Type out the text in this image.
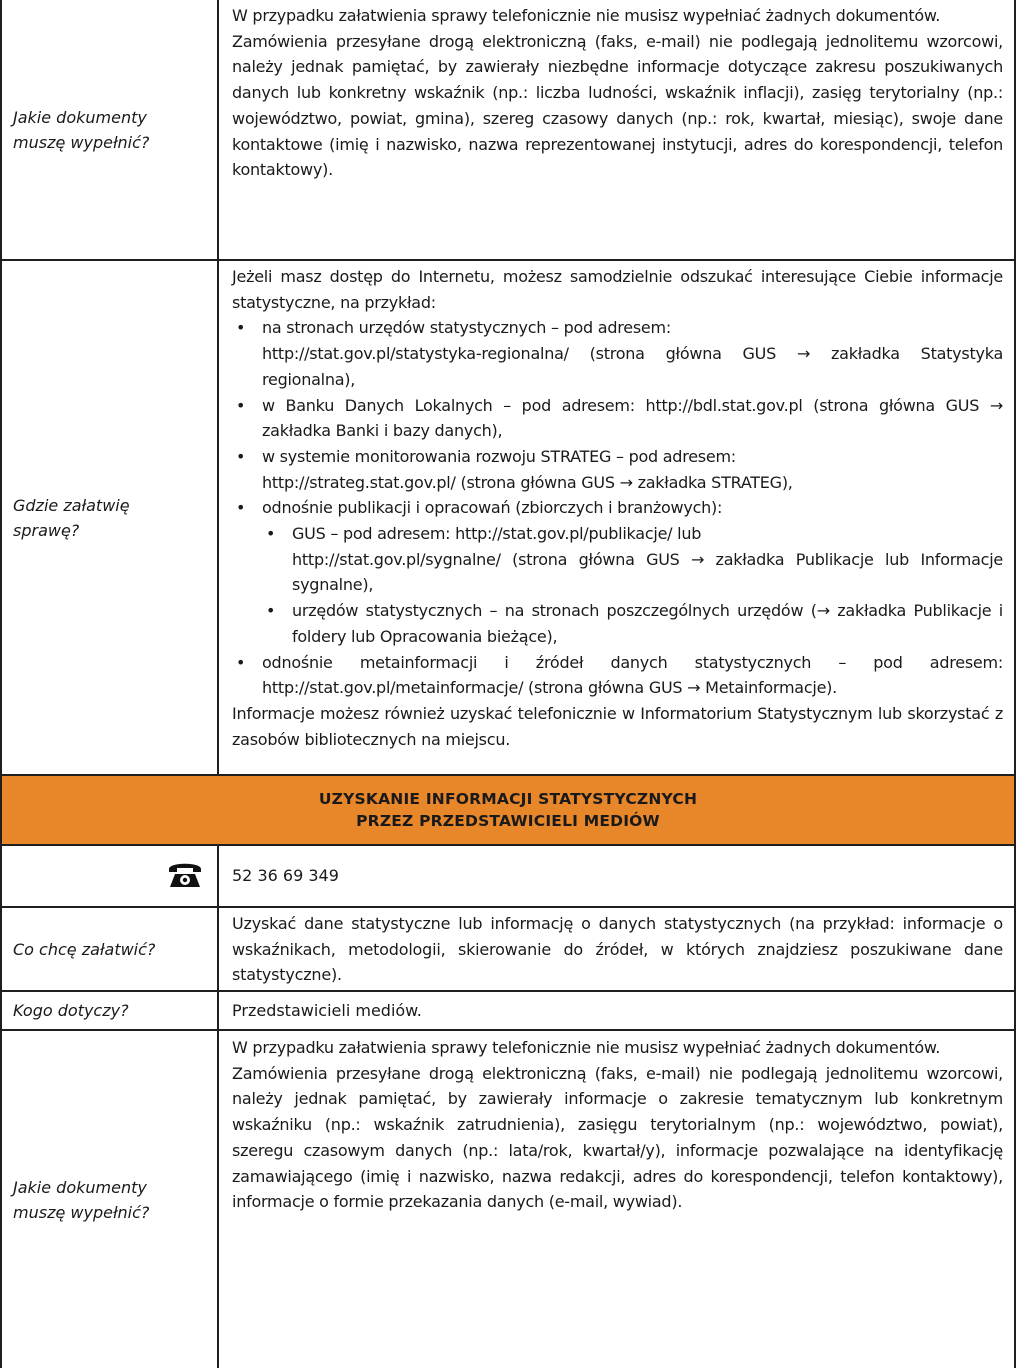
Jakie dokumenty muszę wypełnić?

W przypadku załatwienia sprawy telefonicznie nie musisz wypełniać żadnych dokumentów.

Zamówienia przesyłane drogą elektroniczną (faks, e-mail) nie podlegają jednolitemu wzorcowi, należy jednak pamiętać, by zawierały niezbędne informacje dotyczące zakresu poszukiwanych danych lub konkretny wskaźnik (np.: liczba ludności, wskaźnik inflacji), zasięg terytorialny (np.: województwo, powiat, gmina), szereg czasowy danych (np.: rok, kwartał, miesiąc), swoje dane kontaktowe (imię i nazwisko, nazwa reprezentowanej instytucji, adres do korespondencji, telefon kontaktowy).

Gdzie załatwię sprawę?

Jeżeli masz dostęp do Internetu, możesz samodzielnie odszukać interesujące Ciebie informacje statystyczne, na przykład:

• na stronach urzędów statystycznych – pod adresem:
http://stat.gov.pl/statystyka-regionalna/ (strona główna GUS → zakładka Statystyka regionalna),
• w Banku Danych Lokalnych – pod adresem: http://bdl.stat.gov.pl (strona główna GUS → zakładka Banki i bazy danych),
• w systemie monitorowania rozwoju STRATEG – pod adresem:
http://strateg.stat.gov.pl/ (strona główna GUS → zakładka STRATEG),
• odnośnie publikacji i opracowań (zbiorczych i branżowych):
• GUS – pod adresem: http://stat.gov.pl/publikacje/ lub
http://stat.gov.pl/sygnalne/ (strona główna GUS → zakładka Publikacje lub Informacje sygnalne),
• urzędów statystycznych – na stronach poszczególnych urzędów (→ zakładka Publikacje i foldery lub Opracowania bieżące),
• odnośnie metainformacji i źródeł danych statystycznych – pod adresem: http://stat.gov.pl/metainformacje/ (strona główna GUS → Metainformacje).

Informacje możesz również uzyskać telefonicznie w Informatorium Statystycznym lub skorzystać z zasobów bibliotecznych na miejscu.

UZYSKANIE INFORMACJI STATYSTYCZNYCH
PRZEZ PRZEDSTAWICIELI MEDIÓW
52 36 69 349
Co chcę załatwić?

Uzyskać dane statystyczne lub informację o danych statystycznych (na przykład: informacje o wskaźnikach, metodologii, skierowanie do źródeł, w których znajdziesz poszukiwane dane statystyczne).

Kogo dotyczy?	Przedstawicieli mediów.
Jakie dokumenty muszę wypełnić?

W przypadku załatwienia sprawy telefonicznie nie musisz wypełniać żadnych dokumentów.

Zamówienia przesyłane drogą elektroniczną (faks, e-mail) nie podlegają jednolitemu wzorcowi, należy jednak pamiętać, by zawierały informacje o zakresie tematycznym lub konkretnym wskaźniku (np.: wskaźnik zatrudnienia), zasięgu terytorialnym (np.: województwo, powiat), szeregu czasowym danych (np.: lata/rok, kwartał/y), informacje pozwalające na identyfikację zamawiającego (imię i nazwisko, nazwa redakcji, adres do korespondencji, telefon kontaktowy), informacje o formie przekazania danych (e-mail, wywiad).
